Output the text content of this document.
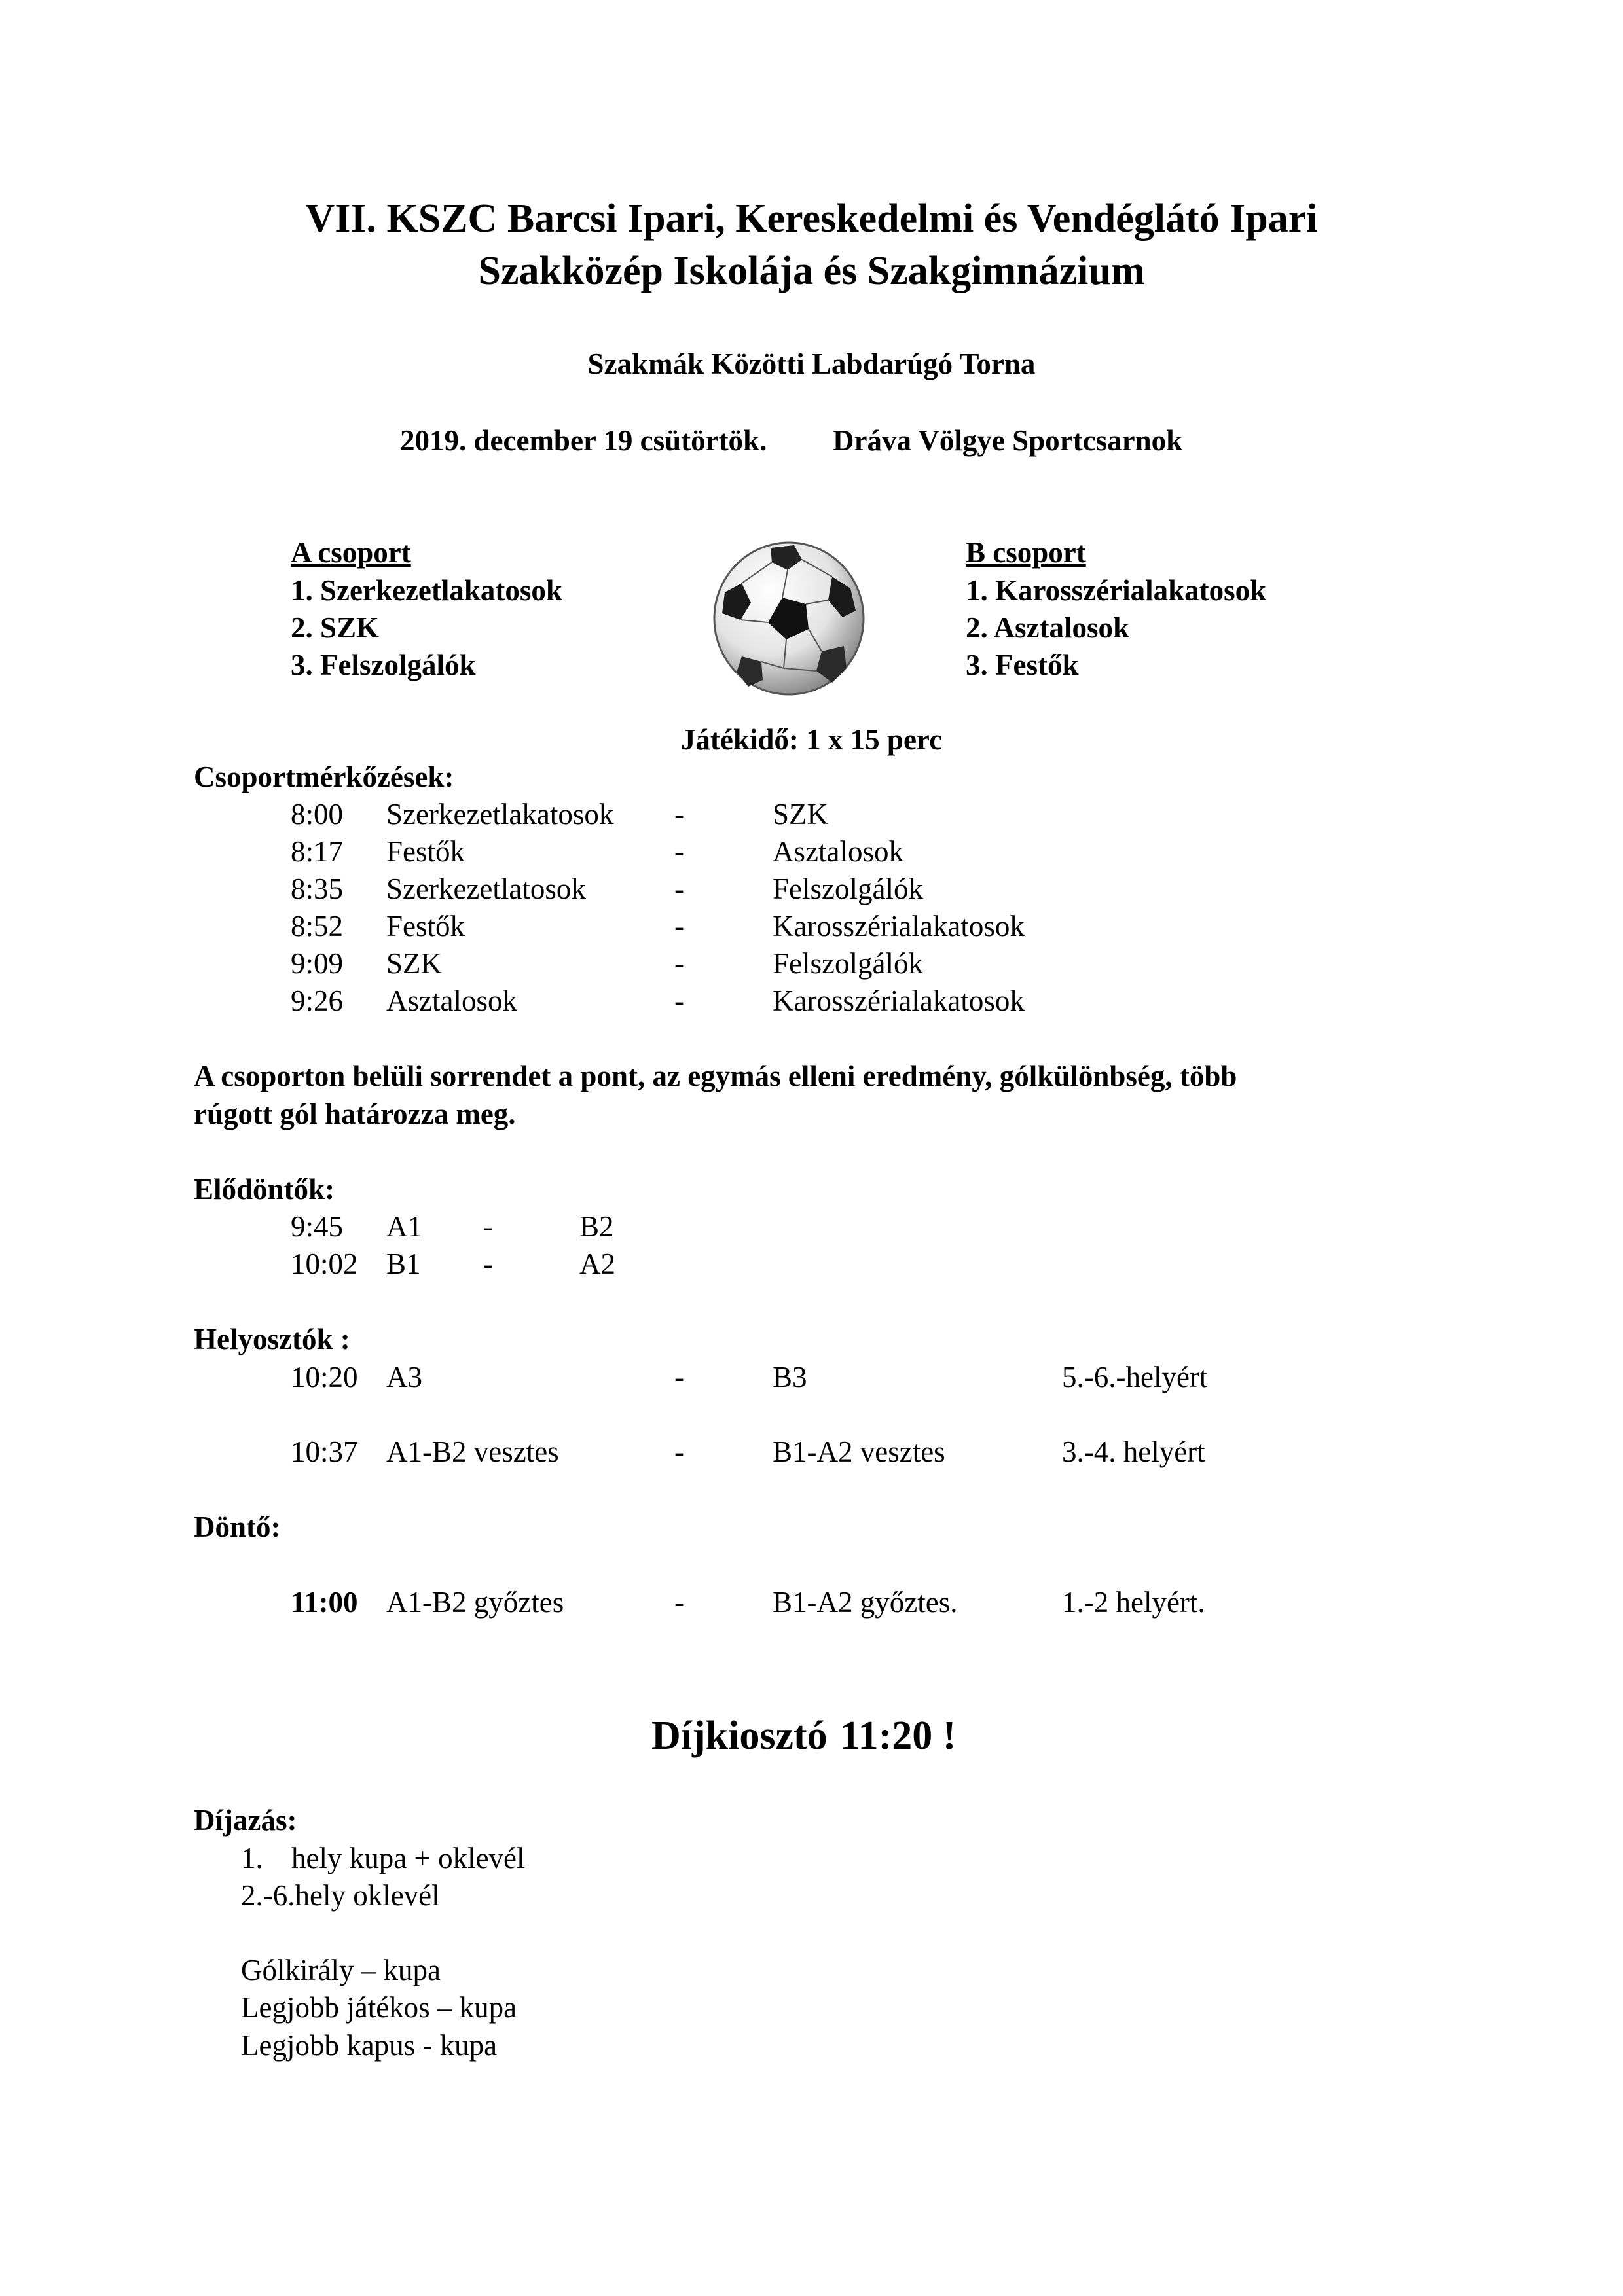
VII. KSZC Barcsi Ipari, Kereskedelmi és Vendéglátó Ipari
Szakközép Iskolája és Szakgimnázium
Szakmák Közötti Labdarúgó Torna
2019. december 19 csütörtök. Dráva Völgye Sportcsarnok
A csoport
1. Szerkezetlakatosok
2. SZK
3. Felszolgálók
B csoport
1. Karosszérialakatosok
2. Asztalosok
3. Festők
Játékidő: 1 x 15 perc
Csoportmérkőzések:
8:00 Szerkezetlakatosok -	SZK
8:17 Festők	-	Asztalosok
8:35 Szerkezetlatosok	-	Felszolgálók
8:52 Festők	-	Karosszérialakatosok
9:09 SZK	-	Felszolgálók
9:26 Asztalosok	-	Karosszérialakatosok
A csoporton belüli sorrendet a pont, az egymás elleni eredmény, gólkülönbség, több
rúgott gól határozza meg.
Elődöntők:
9:45 A1 -	B2
10:02 B1 -	A2
Helyosztók :
10:20 A3	-	B3	5.-6.-helyért
10:37 A1-B2 vesztes	-	B1-A2 vesztes	3.-4. helyért
Döntő:
11:00 A1-B2 győztes	-	B1-A2 győztes.	1.-2 helyért.
Díjkiosztó 11:20 !
Díjazás:
1. hely kupa + oklevél
2.-6.hely oklevél
Gólkirály – kupa
Legjobb játékos – kupa
Legjobb kapus - kupa
